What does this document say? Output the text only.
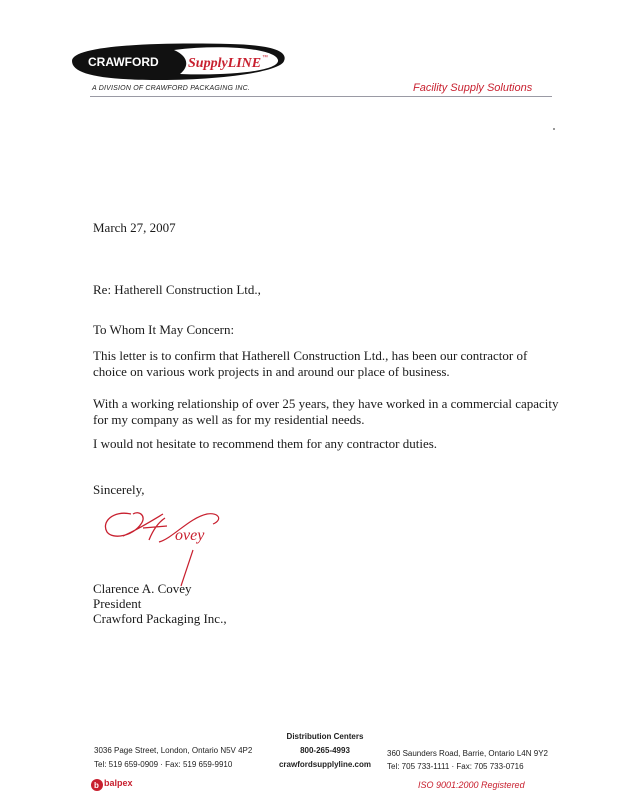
CRAWFORD SupplyLINE ™
A DIVISION OF CRAWFORD PACKAGING INC.	Facility Supply Solutions
March 27, 2007
Re: Hatherell Construction Ltd.,
To Whom It May Concern:
This letter is to confirm that Hatherell Construction Ltd., has been our contractor of choice on various work projects in and around our place of business.
With a working relationship of over 25 years, they have worked in a commercial capacity for my company as well as for my residential needs.
I would not hesitate to recommend them for any contractor duties.
Sincerely,
ovey
Clarence A. Covey
President
Crawford Packaging Inc.,
3036 Page Street, London, Ontario N5V 4P2
Tel: 519 659-0909 · Fax: 519 659-9910
Distribution Centers
800-265-4993
crawfordsupplyline.com
360 Saunders Road, Barrie, Ontario L4N 9Y2
Tel: 705 733-1111 · Fax: 705 733-0716
b balpex	ISO 9001:2000 Registered
